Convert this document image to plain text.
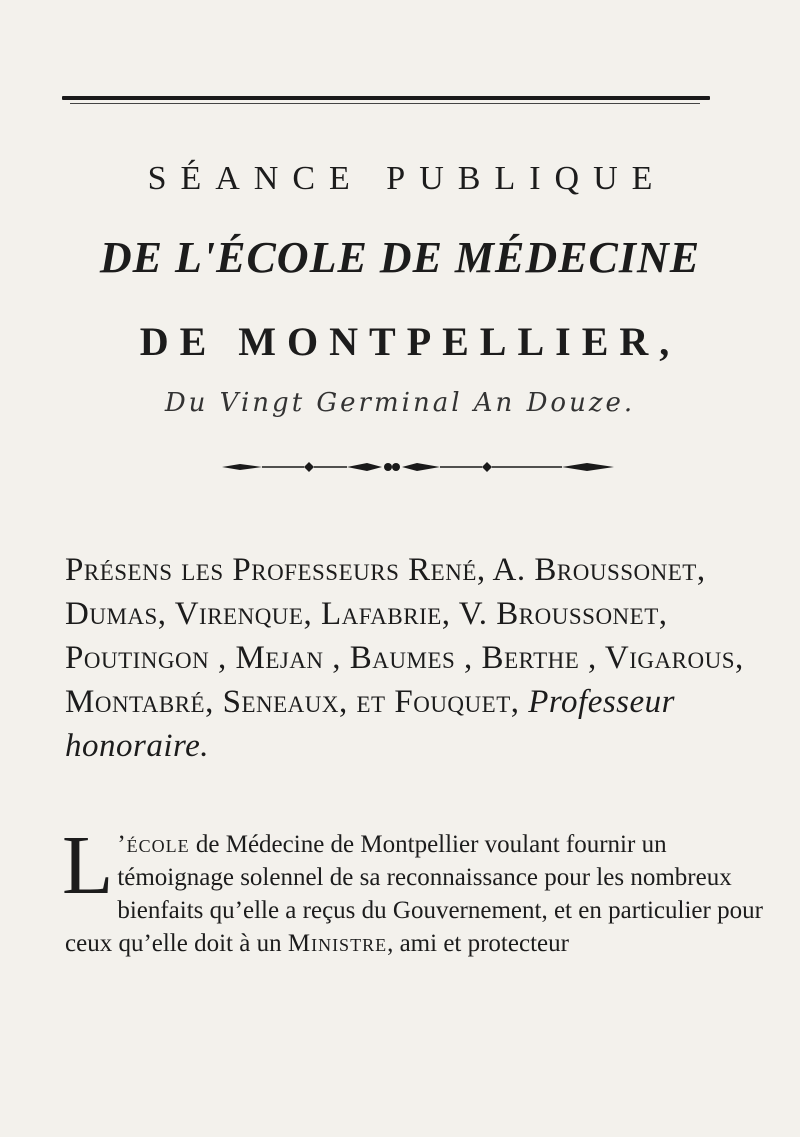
SÉANCE PUBLIQUE
DE L'ÉCOLE DE MÉDECINE
DE MONTPELLIER,
Du Vingt Germinal An Douze.

Présens les Professeurs René, A. Broussonet, Dumas, Virenque, Lafabrie, V. Broussonet, Poutingon , Mejan , Baumes , Berthe , Vigarous, Montabré, Seneaux, et Fouquet, Professeur honoraire.

L ’école de Médecine de Montpellier voulant fournir un témoignage solennel de sa reconnaissance pour les nombreux bienfaits qu’elle a reçus du Gouvernement, et en particulier pour ceux qu’elle doit à un Ministre, ami et protecteur
